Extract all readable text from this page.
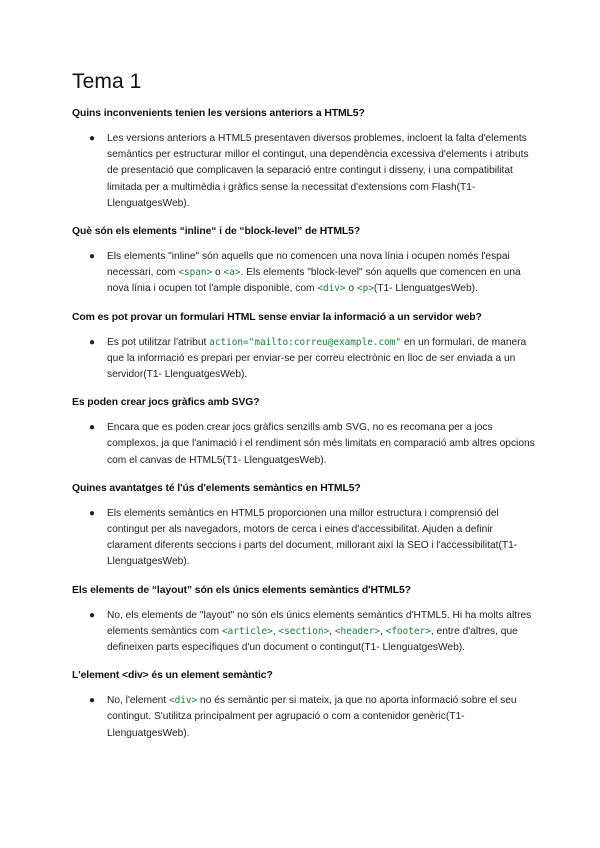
Tema 1

Quins inconvenients tenien les versions anteriors a HTML5?

● Les versions anteriors a HTML5 presentaven diversos problemes, incloent la falta d'elements semàntics per estructurar millor el contingut, una dependència excessiva d'elements i atributs de presentació que complicaven la separació entre contingut i disseny, i una compatibilitat limitada per a multimèdia i gràfics sense la necessitat d'extensions com Flash(T1- LlenguatgesWeb).

Què són els elements “inline“ i de “block-level” de HTML5?

● Els elements "inline" són aquells que no comencen una nova línia i ocupen només l'espai necessari, com <span> o <a>. Els elements "block-level" són aquells que comencen en una nova línia i ocupen tot l'ample disponible, com <div> o <p>(T1- LlenguatgesWeb).

Com es pot provar un formulari HTML sense enviar la informació a un servidor web?

● Es pot utilitzar l'atribut action="mailto:correu@example.com" en un formulari, de manera que la informació es prepari per enviar-se per correu electrònic en lloc de ser enviada a un servidor(T1- LlenguatgesWeb).

Es poden crear jocs gràfics amb SVG?

● Encara que es poden crear jocs gràfics senzills amb SVG, no es recomana per a jocs complexos, ja que l'animació i el rendiment són més limitats en comparació amb altres opcions com el canvas de HTML5(T1- LlenguatgesWeb).

Quines avantatges té l'ús d'elements semàntics en HTML5?

● Els elements semàntics en HTML5 proporcionen una millor estructura i comprensió del contingut per als navegadors, motors de cerca i eines d'accessibilitat. Ajuden a definir clarament diferents seccions i parts del document, millorant així la SEO i l'accessibilitat(T1- LlenguatgesWeb).

Els elements de “layout” són els únics elements semàntics d'HTML5?

● No, els elements de "layout" no són els únics elements semàntics d'HTML5. Hi ha molts altres elements semàntics com <article>, <section>, <header>, <footer>, entre d'altres, que defineixen parts específiques d'un document o contingut(T1- LlenguatgesWeb).

L'element <div> és un element semàntic?

● No, l'element <div> no és semàntic per si mateix, ja que no aporta informació sobre el seu contingut. S'utilitza principalment per agrupació o com a contenidor genèric(T1- LlenguatgesWeb).
